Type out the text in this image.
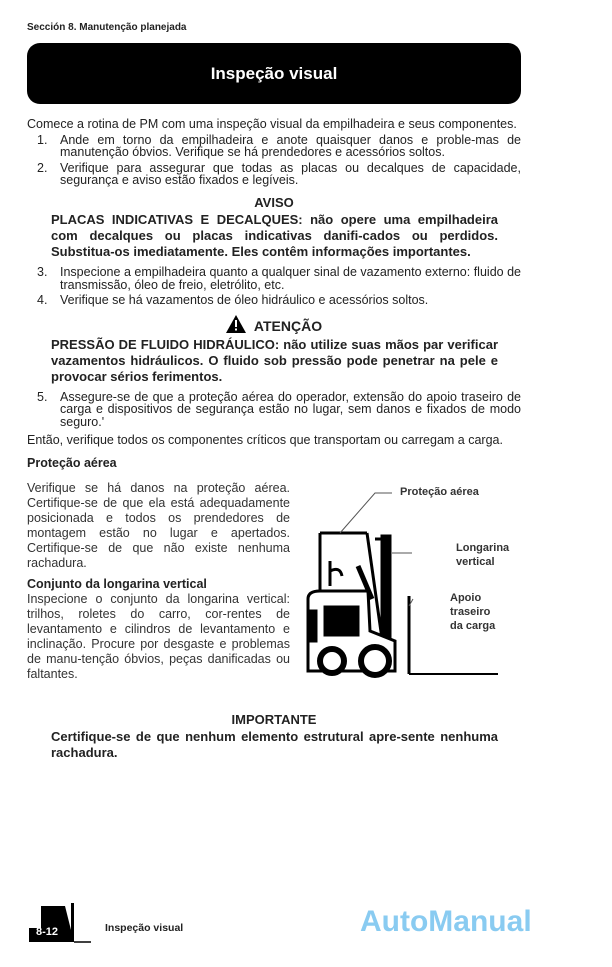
Sección 8. Manutenção planejada
Inspeção visual
Comece a rotina de PM com uma inspeção visual da empilhadeira e seus componentes.
1.	Ande em torno da empilhadeira e anote quaisquer danos e proble-mas de manutenção óbvios. Verifique se há prendedores e acessórios soltos.
2.	Verifique para assegurar que todas as placas ou decalques de capacidade, segurança e aviso estão fixados e legíveis.
AVISO
PLACAS INDICATIVAS E DECALQUES: não opere uma empilhadeira com decalques ou placas indicativas danifi-cados ou perdidos. Substitua-os imediatamente. Eles contêm informações importantes.
3.	Inspecione a empilhadeira quanto a qualquer sinal de vazamento externo: fluido de transmissão, óleo de freio, eletrólito, etc.
4.	Verifique se há vazamentos de óleo hidráulico e acessórios soltos.
ATENÇÃO
PRESSÃO DE FLUIDO HIDRÁULICO: não utilize suas mãos par verificar vazamentos hidráulicos. O fluido sob pressão pode penetrar na pele e provocar sérios ferimentos.
5.	Assegure-se de que a proteção aérea do operador, extensão do apoio traseiro de carga e dispositivos de segurança estão no lugar, sem danos e fixados de modo seguro.'
Então, verifique todos os componentes críticos que transportam ou carregam a carga.
Proteção aérea
Verifique se há danos na proteção aérea. Certifique-se de que ela está adequadamente posicionada e todos os prendedores de montagem estão no lugar e apertados. Certifique-se de que não existe nenhuma rachadura.
Conjunto da longarina vertical
Inspecione o conjunto da longarina vertical: trilhos, roletes do carro, cor-rentes de levantamento e cilindros de levantamento e inclinação. Procure por desgaste e problemas de manu-tenção óbvios, peças danificadas ou faltantes.
Proteção aérea
Longarina vertical
Apoio traseiro da carga
IMPORTANTE
Certifique-se de que nenhum elemento estrutural apre-sente nenhuma rachadura.
8-12	Inspeção visual	AutoManual
